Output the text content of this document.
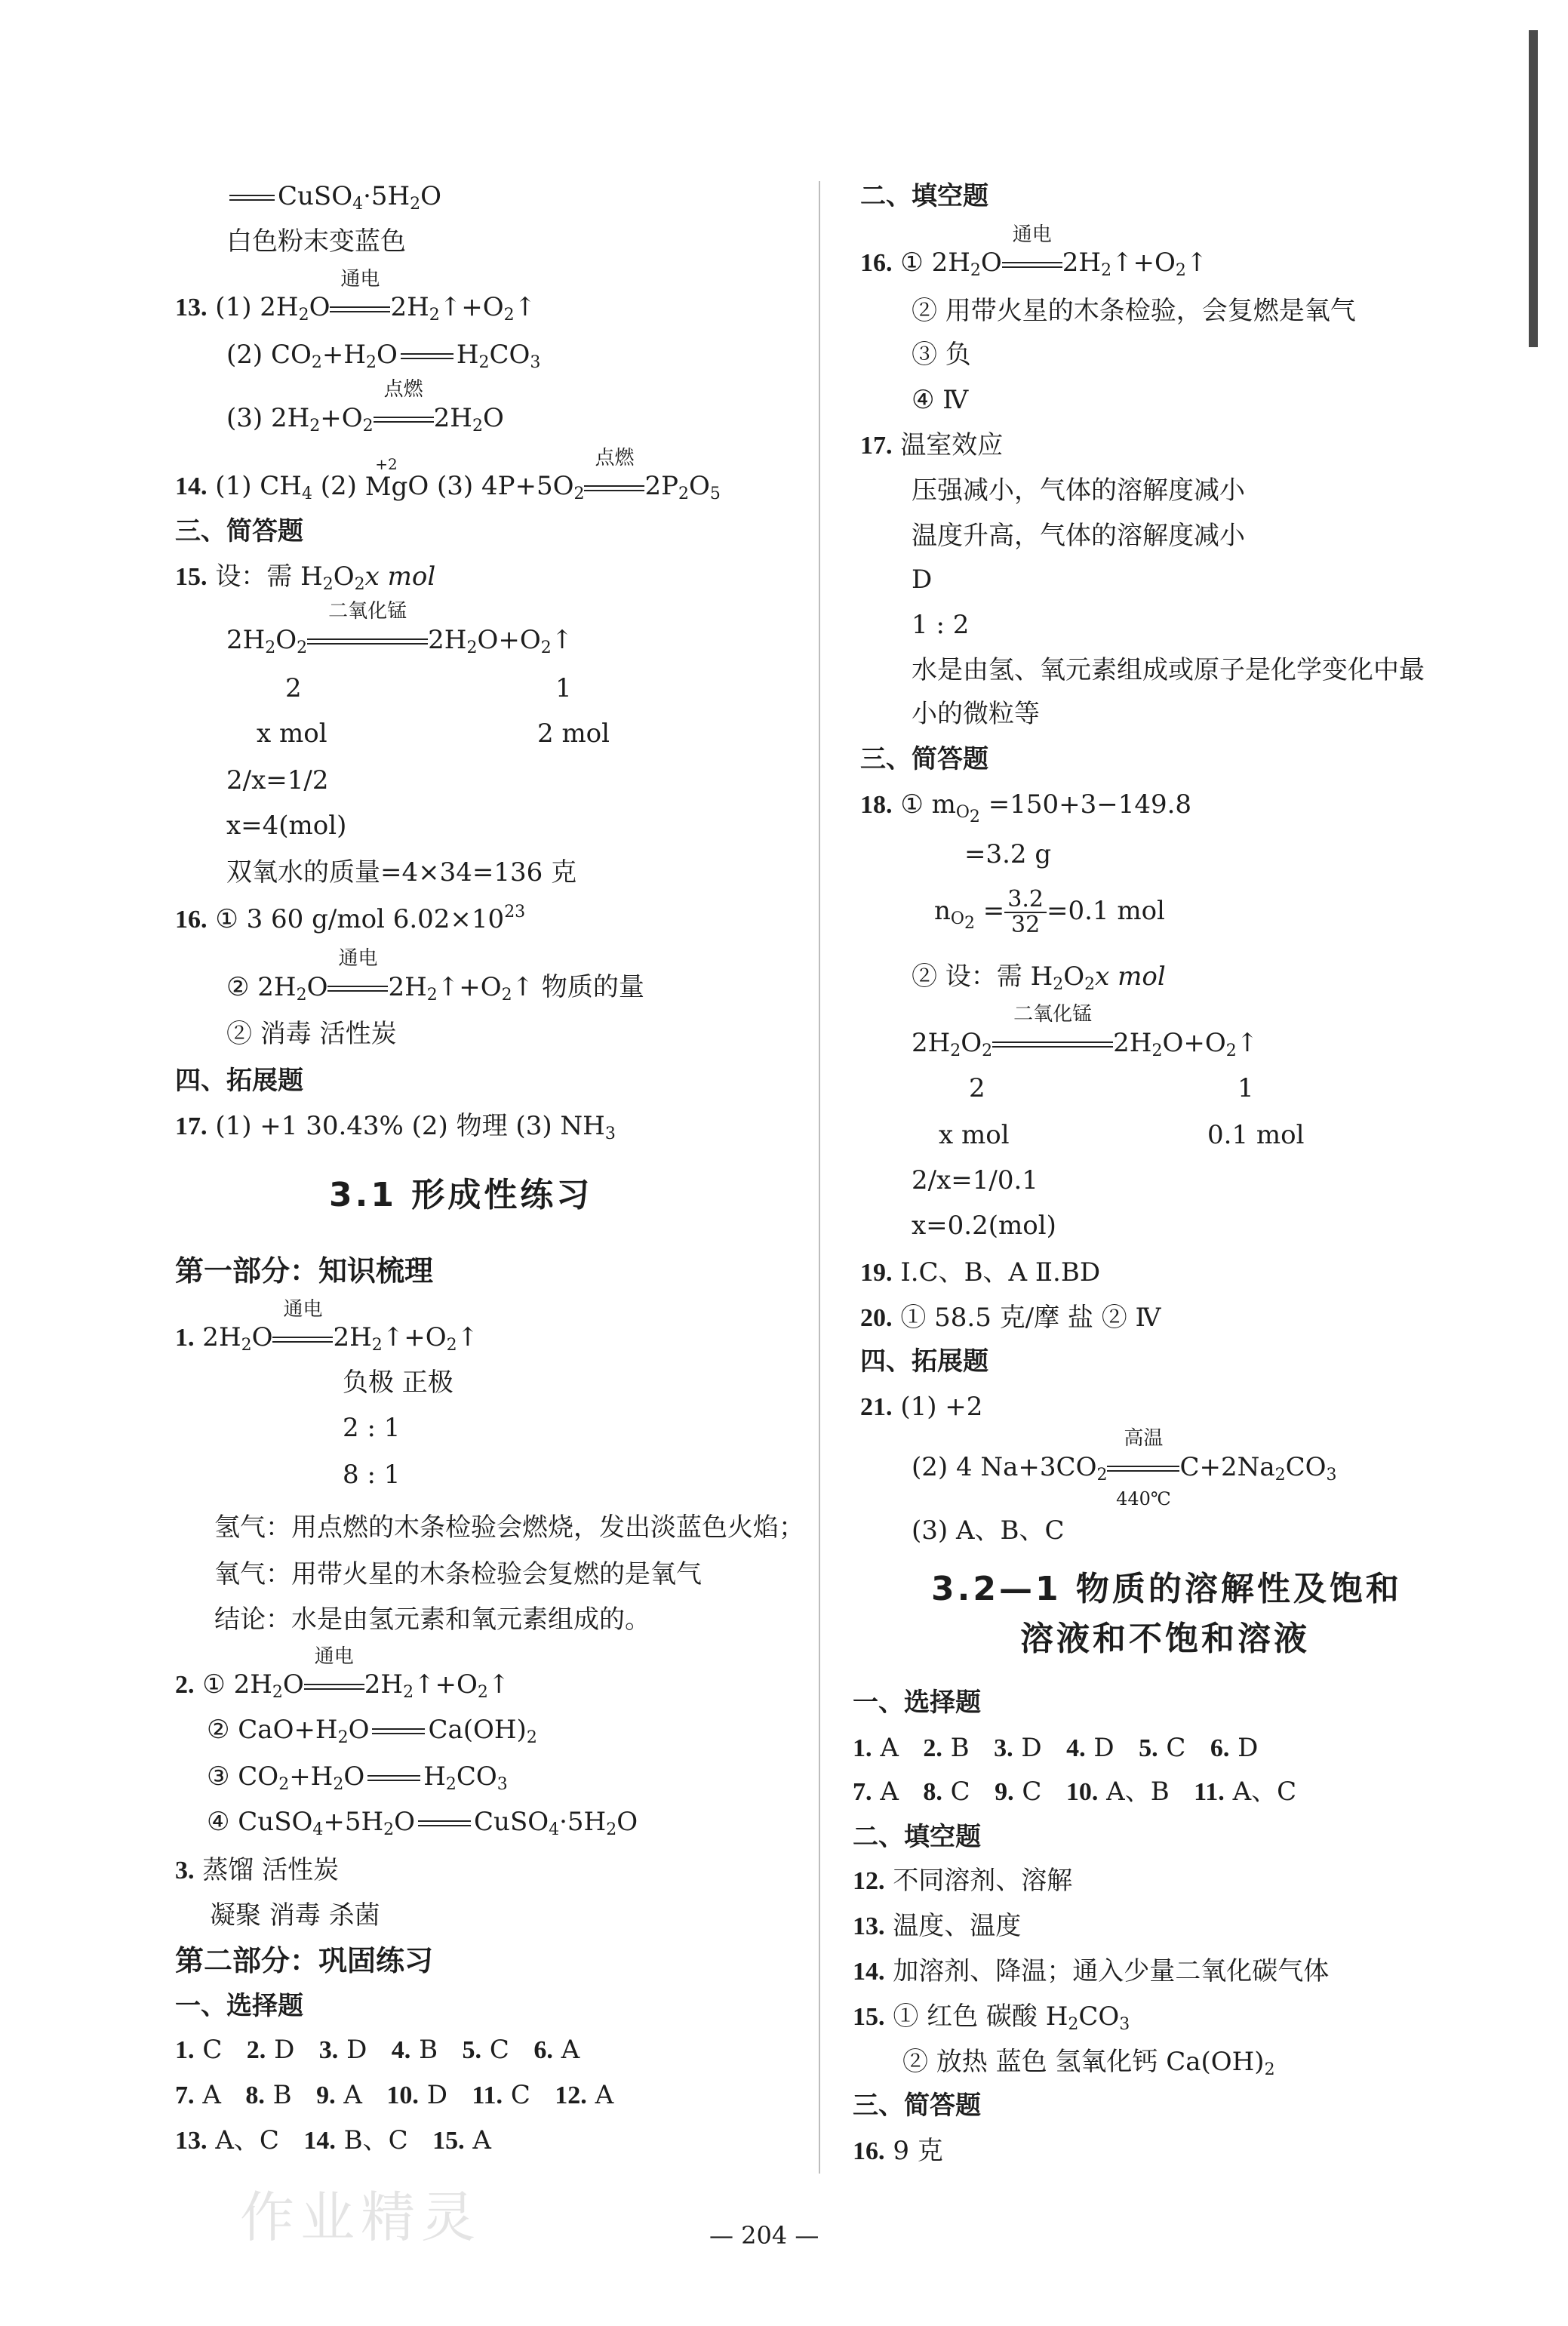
作业精灵
$CuSO_4\cdot 5H_2O$
白色粉末变蓝色
13. (1) $2H_2O$
通电
$2H_2↑+O_2↑$
(2) $CO_2+H_2O$ $H_2CO_3$
(3) $2H_2+O_2$
点燃
$2H_2O$
14. (1) $CH_4$ (2)
+2
MgO (3) $4P+5O_2$
点燃
$2P_2O_5$
三、简答题
15. 设：需 $H_2O_2x$ mol
$2H_2O_2$
二氧化锰
$2H_2O+O_2↑$
2	1
x mol	2 mol
2/x=1/2
x=4(mol)
双氧水的质量=4×34=136 克
16. ① 3 60 g/mol $6.02\times 10^{23}$
② $2H_2O$
通电
$2H_2↑+O_2↑$ 物质的量
② 消毒 活性炭
四、拓展题
17. (1) +1 30.43% (2) 物理 (3) $NH_3$
3.1 形成性练习
第一部分：知识梳理
1. $2H_2O$
通电
$2H_2↑+O_2↑$
负极 正极
2 : 1
8 : 1
氢气：用点燃的木条检验会燃烧，发出淡蓝色火焰；
氧气：用带火星的木条检验会复燃的是氧气
结论：水是由氢元素和氧元素组成的。
2. ① $2H_2O$
通电
$2H_2↑+O_2↑$
② $CaO+H_2O$ $Ca(OH)_2$
③ $CO_2+H_2O$ $H_2CO_3$
④ $CuSO_4+5H_2O$ $CuSO_4\cdot 5H_2O$
3. 蒸馏 活性炭
凝聚 消毒 杀菌
第二部分：巩固练习
一、选择题
1. C 2. D 3. D 4. B 5. C 6. A
7. A 8. B 9. A 10. D 11. C 12. A
13. A、C 14. B、C 15. A
二、填空题
16. ① $2H_2O$
通电
$2H_2↑+O_2↑$
② 用带火星的木条检验，会复燃是氧气
③ 负
④ Ⅳ
17. 温室效应
压强减小，气体的溶解度减小
温度升高，气体的溶解度减小
D
1 : 2
水是由氢、氧元素组成或原子是化学变化中最
小的微粒等
三、简答题
18. ① $m_{O_2} =150+3-149.8$
=3.2 g
$n_{O_2} = \frac{3.2}{32} =0.1$ mol
② 设：需 $H_2O_2x$ mol
$2H_2O_2$
二氧化锰
$2H_2O+O_2↑$
2	1
x mol	0.1 mol
2/x=1/0.1
x=0.2(mol)
19. Ⅰ.C、B、A Ⅱ.BD
20. ① 58.5 克/摩 盐 ② Ⅳ
四、拓展题
21. (1) +2
(2) 4 $Na+3CO_2$
高温
440℃
$C+2Na_2CO_3$
(3) A、B、C
3.2—1 物质的溶解性及饱和
溶液和不饱和溶液
一、选择题
1. A 2. B 3. D 4. D 5. C 6. D
7. A 8. C 9. C 10. A、B 11. A、C
二、填空题
12. 不同溶剂、溶解
13. 温度、温度
14. 加溶剂、降温；通入少量二氧化碳气体
15. ① 红色 碳酸 $H_2CO_3$
② 放热 蓝色 氢氧化钙 $Ca(OH)_2$
三、简答题
16. 9 克
— 204 —
